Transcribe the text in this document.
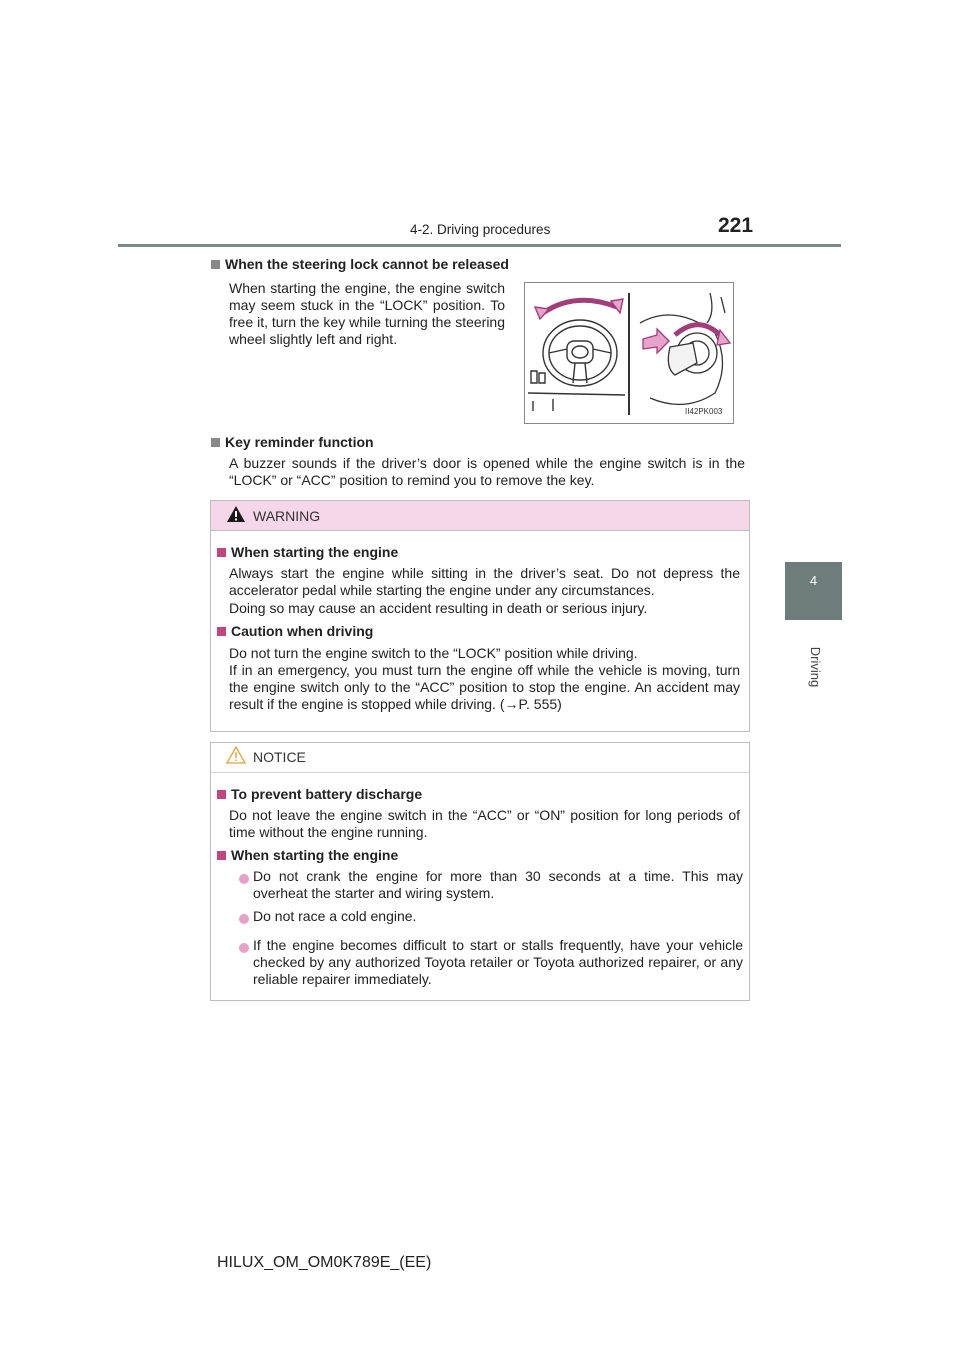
4-2. Driving procedures	221
4
Driving
When the steering lock cannot be released
When starting the engine, the engine switch may seem stuck in the “LOCK” position. To free it, turn the key while turning the steering wheel slightly left and right.
II42PK003
Key reminder function
A buzzer sounds if the driver’s door is opened while the engine switch is in the “LOCK” or “ACC” position to remind you to remove the key.
WARNING
When starting the engine
Always start the engine while sitting in the driver’s seat. Do not depress the accelerator pedal while starting the engine under any circumstances.
Doing so may cause an accident resulting in death or serious injury.
Caution when driving
Do not turn the engine switch to the “LOCK” position while driving.
If in an emergency, you must turn the engine off while the vehicle is moving, turn the engine switch only to the “ACC” position to stop the engine. An accident may result if the engine is stopped while driving. (→P. 555)
NOTICE
To prevent battery discharge
Do not leave the engine switch in the “ACC” or “ON” position for long periods of time without the engine running.
When starting the engine
Do not crank the engine for more than 30 seconds at a time. This may overheat the starter and wiring system.
Do not race a cold engine.
If the engine becomes difficult to start or stalls frequently, have your vehicle checked by any authorized Toyota retailer or Toyota authorized repairer, or any reliable repairer immediately.
HILUX_OM_OM0K789E_(EE)
